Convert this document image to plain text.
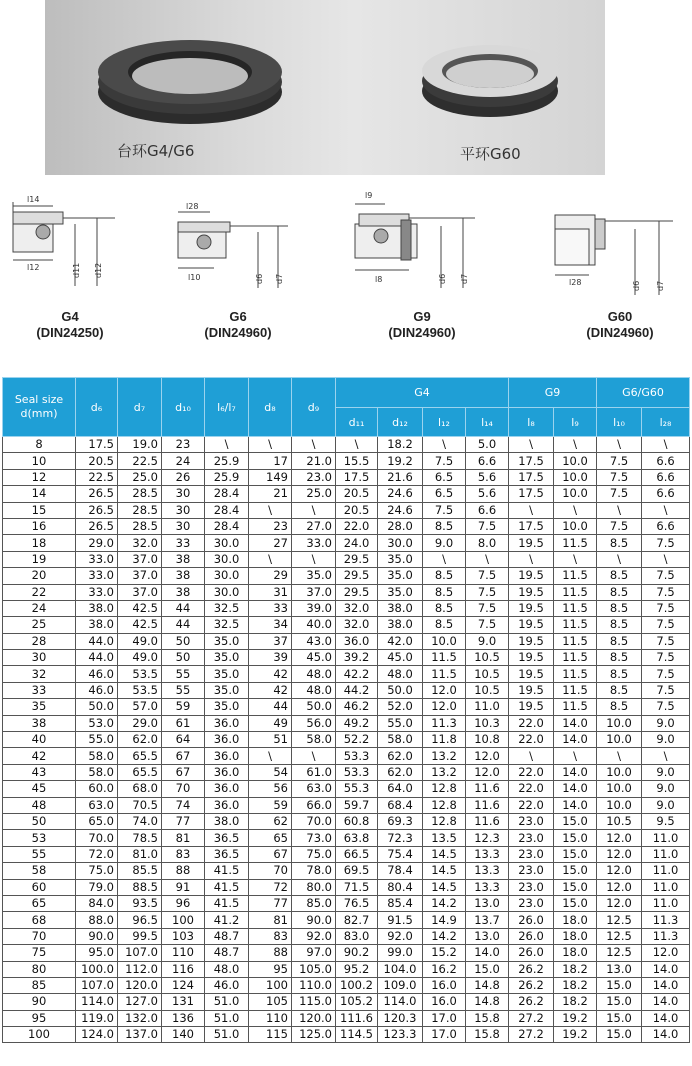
台环G4/G6	平环G60
l14
l12	d11 d12
l28
l10	d6 d7
l9
l8	d6 d7	l28	d6 d7
G4
(DIN24250)
G6
(DIN24960)
G9
(DIN24960)
G60
(DIN24960)
Seal size d(mm)	d₆	d₇	d₁₀	l₆/l₇	d₈	d₉	G4				G9		G6/G60	
							d₁₁	d₁₂	l₁₂	l₁₄	l₈	l₉	l₁₀	l₂₈
8	17.5	19.0	23	\	\	\	\	18.2	\	5.0	\	\	\	\
10	20.5	22.5	24	25.9	17	21.0	15.5	19.2	7.5	6.6	17.5	10.0	7.5	6.6
12	22.5	25.0	26	25.9	149	23.0	17.5	21.6	6.5	5.6	17.5	10.0	7.5	6.6
14	26.5	28.5	30	28.4	21	25.0	20.5	24.6	6.5	5.6	17.5	10.0	7.5	6.6
15	26.5	28.5	30	28.4	\	\	20.5	24.6	7.5	6.6	\	\	\	\
16	26.5	28.5	30	28.4	23	27.0	22.0	28.0	8.5	7.5	17.5	10.0	7.5	6.6
18	29.0	32.0	33	30.0	27	33.0	24.0	30.0	9.0	8.0	19.5	11.5	8.5	7.5
19	33.0	37.0	38	30.0	\	\	29.5	35.0	\	\	\	\	\	\
20	33.0	37.0	38	30.0	29	35.0	29.5	35.0	8.5	7.5	19.5	11.5	8.5	7.5
22	33.0	37.0	38	30.0	31	37.0	29.5	35.0	8.5	7.5	19.5	11.5	8.5	7.5
24	38.0	42.5	44	32.5	33	39.0	32.0	38.0	8.5	7.5	19.5	11.5	8.5	7.5
25	38.0	42.5	44	32.5	34	40.0	32.0	38.0	8.5	7.5	19.5	11.5	8.5	7.5
28	44.0	49.0	50	35.0	37	43.0	36.0	42.0	10.0	9.0	19.5	11.5	8.5	7.5
30	44.0	49.0	50	35.0	39	45.0	39.2	45.0	11.5	10.5	19.5	11.5	8.5	7.5
32	46.0	53.5	55	35.0	42	48.0	42.2	48.0	11.5	10.5	19.5	11.5	8.5	7.5
33	46.0	53.5	55	35.0	42	48.0	44.2	50.0	12.0	10.5	19.5	11.5	8.5	7.5
35	50.0	57.0	59	35.0	44	50.0	46.2	52.0	12.0	11.0	19.5	11.5	8.5	7.5
38	53.0	29.0	61	36.0	49	56.0	49.2	55.0	11.3	10.3	22.0	14.0	10.0	9.0
40	55.0	62.0	64	36.0	51	58.0	52.2	58.0	11.8	10.8	22.0	14.0	10.0	9.0
42	58.0	65.5	67	36.0	\	\	53.3	62.0	13.2	12.0	\	\	\	\
43	58.0	65.5	67	36.0	54	61.0	53.3	62.0	13.2	12.0	22.0	14.0	10.0	9.0
45	60.0	68.0	70	36.0	56	63.0	55.3	64.0	12.8	11.6	22.0	14.0	10.0	9.0
48	63.0	70.5	74	36.0	59	66.0	59.7	68.4	12.8	11.6	22.0	14.0	10.0	9.0
50	65.0	74.0	77	38.0	62	70.0	60.8	69.3	12.8	11.6	23.0	15.0	10.5	9.5
53	70.0	78.5	81	36.5	65	73.0	63.8	72.3	13.5	12.3	23.0	15.0	12.0	11.0
55	72.0	81.0	83	36.5	67	75.0	66.5	75.4	14.5	13.3	23.0	15.0	12.0	11.0
58	75.0	85.5	88	41.5	70	78.0	69.5	78.4	14.5	13.3	23.0	15.0	12.0	11.0
60	79.0	88.5	91	41.5	72	80.0	71.5	80.4	14.5	13.3	23.0	15.0	12.0	11.0
65	84.0	93.5	96	41.5	77	85.0	76.5	85.4	14.2	13.0	23.0	15.0	12.0	11.0
68	88.0	96.5	100	41.2	81	90.0	82.7	91.5	14.9	13.7	26.0	18.0	12.5	11.3
70	90.0	99.5	103	48.7	83	92.0	83.0	92.0	14.2	13.0	26.0	18.0	12.5	11.3
75	95.0	107.0	110	48.7	88	97.0	90.2	99.0	15.2	14.0	26.0	18.0	12.5	12.0
80	100.0	112.0	116	48.0	95	105.0	95.2	104.0	16.2	15.0	26.2	18.2	13.0	14.0
85	107.0	120.0	124	46.0	100	110.0	100.2	109.0	16.0	14.8	26.2	18.2	15.0	14.0
90	114.0	127.0	131	51.0	105	115.0	105.2	114.0	16.0	14.8	26.2	18.2	15.0	14.0
95	119.0	132.0	136	51.0	110	120.0	111.6	120.3	17.0	15.8	27.2	19.2	15.0	14.0
100	124.0	137.0	140	51.0	115	125.0	114.5	123.3	17.0	15.8	27.2	19.2	15.0	14.0
